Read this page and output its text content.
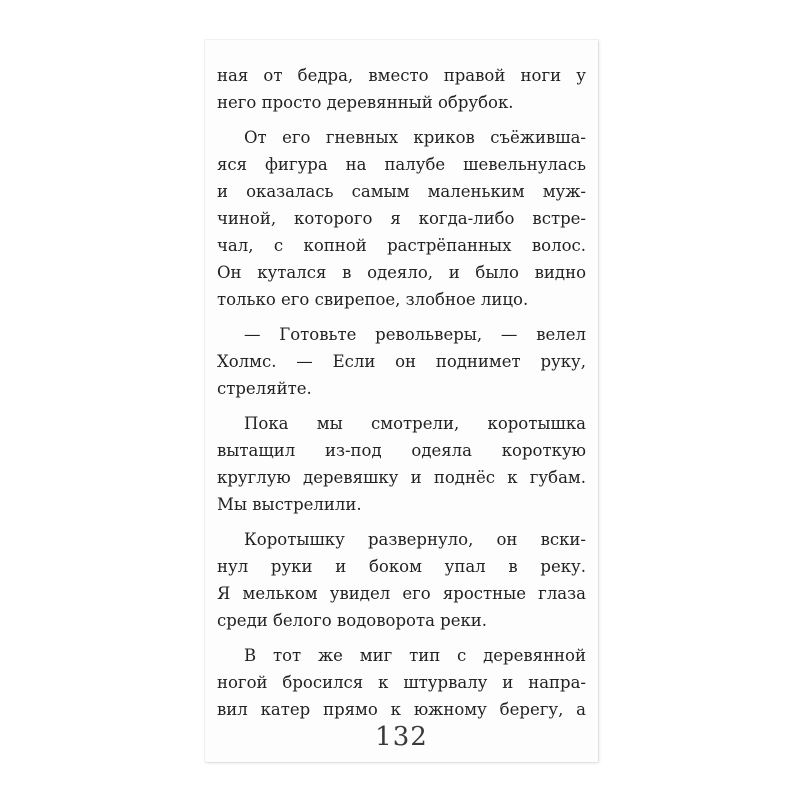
ная от бедра, вместо правой ноги у
него просто деревянный обрубок.

От его гневных криков съёжившa-
яся фигура на палубе шевельнулась
и оказалась самым маленьким муж-
чиной, которого я когда-либо встре-
чал, с копной растрёпанных волос.
Он кутался в одеяло, и было видно
только его свирепое, злобное лицо.

— Готовьте револьверы, — велел
Холмс. — Если он поднимет руку,
стреляйте.

Пока мы смотрели, коротышка
вытащил из-под одеяла короткую
круглую деревяшку и поднёс к губам.
Мы выстрелили.

Коротышку развернуло, он вски-
нул руки и боком упал в реку.
Я мельком увидел его яростные глаза
среди белого водоворота реки.

В тот же миг тип с деревянной
ногой бросился к штурвалу и напра-
вил катер прямо к южному берегу, а

132
